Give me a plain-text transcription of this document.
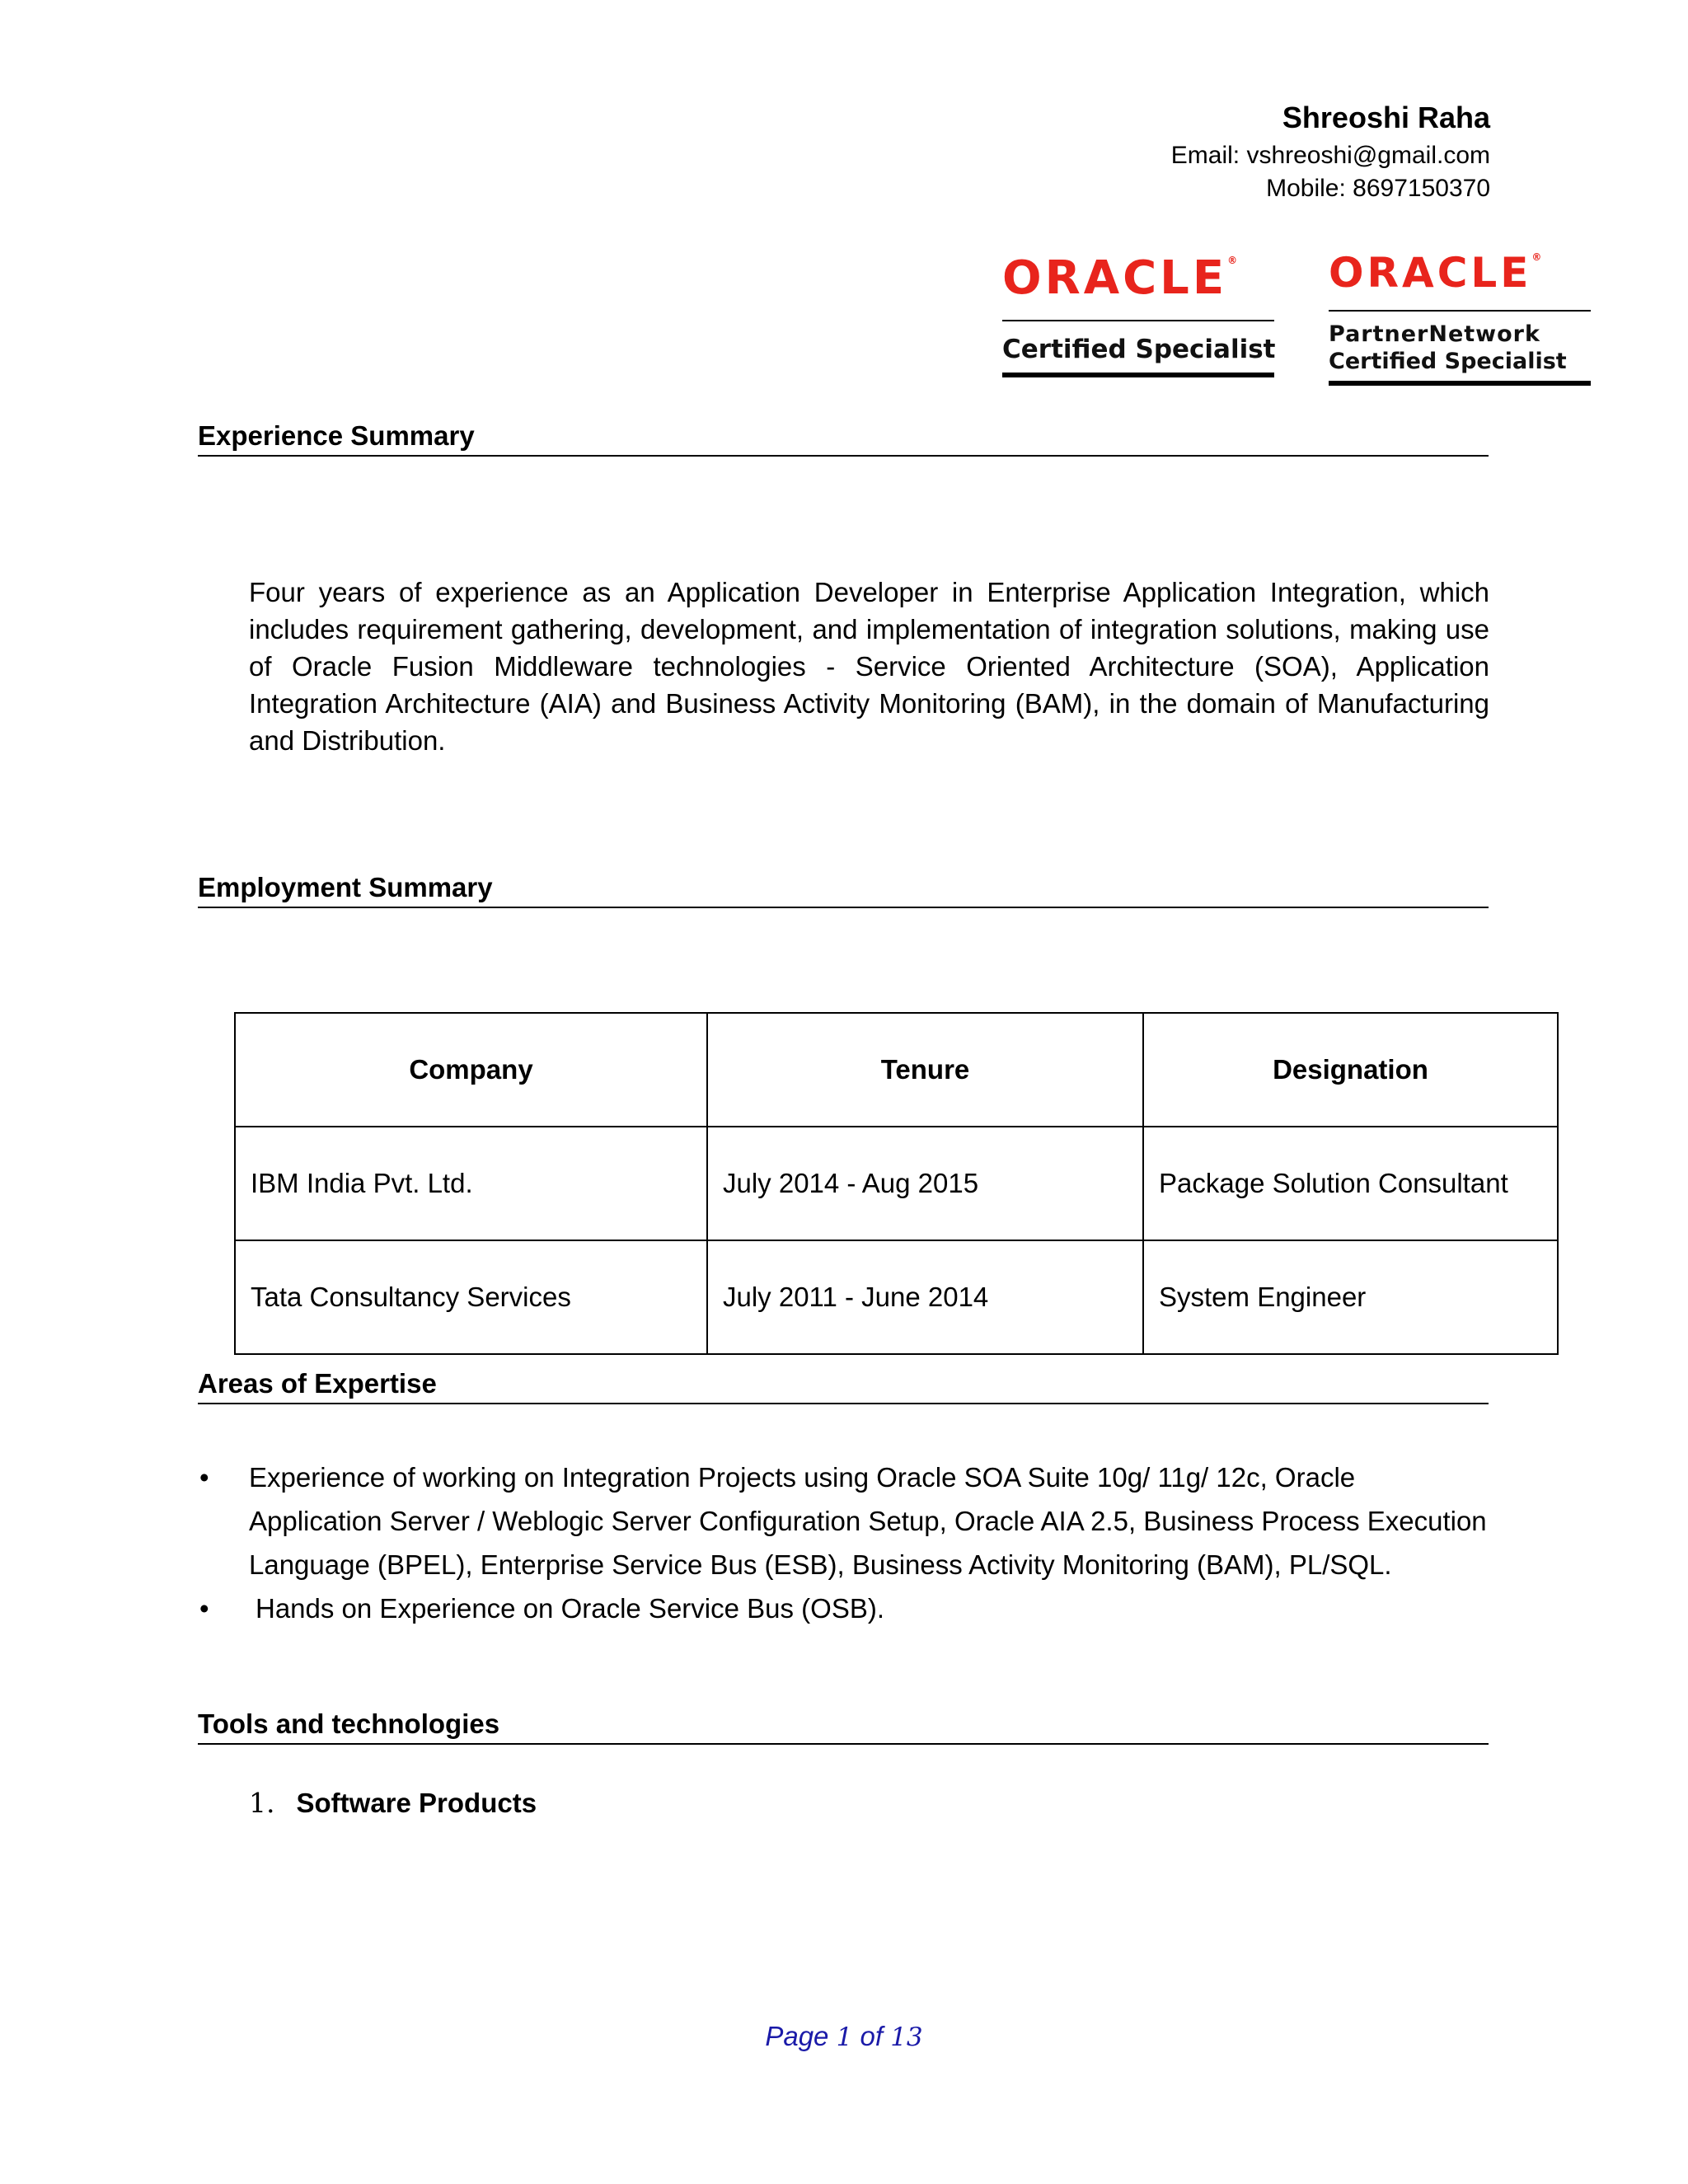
Shreoshi Raha
Email: vshreoshi@gmail.com
Mobile: 8697150370
ORACLE®
Certified Specialist
ORACLE®
PartnerNetwork
Certified Specialist
Experience Summary
Four years of experience as an Application Developer in Enterprise Application Integration, which includes requirement gathering, development, and implementation of integration solutions, making use of Oracle Fusion Middleware technologies - Service Oriented Architecture (SOA), Application Integration Architecture (AIA) and Business Activity Monitoring (BAM), in the domain of Manufacturing and Distribution.
Employment Summary
Company	Tenure	Designation
IBM India Pvt. Ltd.	July 2014 - Aug 2015	Package Solution Consultant
Tata Consultancy Services	July 2011 - June 2014	System Engineer
Areas of Expertise
• Experience of working on Integration Projects using Oracle SOA Suite 10g/ 11g/ 12c, Oracle Application Server / Weblogic Server Configuration Setup, Oracle AIA 2.5, Business Process Execution Language (BPEL), Enterprise Service Bus (ESB), Business Activity Monitoring (BAM), PL/SQL.
• Hands on Experience on Oracle Service Bus (OSB).
Tools and technologies
1. Software Products
Page 1 of 13
